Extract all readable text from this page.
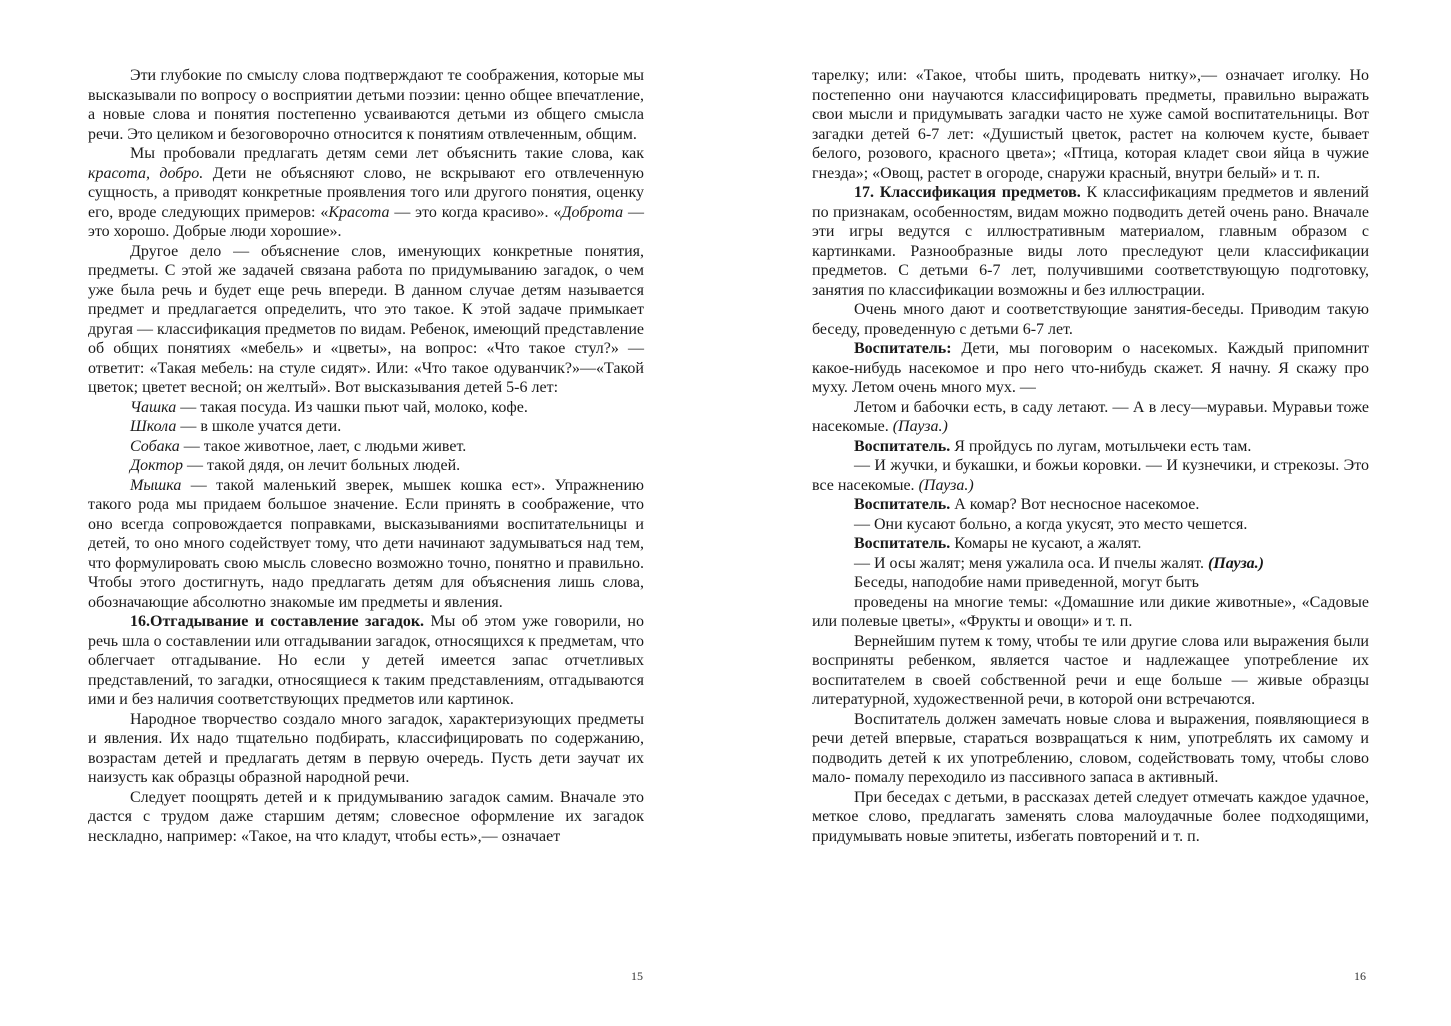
Эти глубокие по смыслу слова подтверждают те соображения, которые мы высказывали по вопросу о восприятии детьми поэзии: ценно общее впечатление, а новые слова и понятия постепенно усваиваются детьми из общего смысла речи. Это целиком и безоговорочно относится к понятиям отвлеченным, общим.

Мы пробовали предлагать детям семи лет объяснить такие слова, как красота, добро. Дети не объясняют слово, не вскрывают его отвлеченную сущность, а приводят конкретные проявления того или другого понятия, оценку его, вроде следующих примеров: «Красота — это когда красиво». «Доброта — это хорошо. Добрые люди хорошие».

Другое дело — объяснение слов, именующих конкретные понятия, предметы. С этой же задачей связана работа по придумыванию загадок, о чем уже была речь и будет еще речь впереди. В данном случае детям называется предмет и предлагается определить, что это такое. К этой задаче примыкает другая — классификация предметов по видам. Ребенок, имеющий представление об общих понятиях «мебель» и «цветы», на вопрос: «Что такое стул?» — ответит: «Такая мебель: на стуле сидят». Или: «Что такое одуванчик?»—«Такой цветок; цветет весной; он желтый». Вот высказывания детей 5-6 лет:

Чашка — такая посуда. Из чашки пьют чай, молоко, кофе.

Школа — в школе учатся дети.

Собака — такое животное, лает, с людьми живет.

Доктор — такой дядя, он лечит больных людей.

Мышка — такой маленький зверек, мышек кошка ест». Упражнению такого рода мы придаем большое значение. Если принять в соображение, что оно всегда сопровождается поправками, высказываниями воспитательницы и детей, то оно много содействует тому, что дети начинают задумываться над тем, что формулировать свою мысль словесно возможно точно, понятно и правильно. Чтобы этого достигнуть, надо предлагать детям для объяснения лишь слова, обозначающие абсолютно знакомые им предметы и явления.

16.Отгадывание и составление загадок. Мы об этом уже говорили, но речь шла о составлении или отгадывании загадок, относящихся к предметам, что облегчает отгадывание. Но если у детей имеется запас отчетливых представлений, то загадки, относящиеся к таким представлениям, отгадываются ими и без наличия соответствующих предметов или картинок.

Народное творчество создало много загадок, характеризующих предметы и явления. Их надо тщательно подбирать, классифицировать по содержанию, возрастам детей и предлагать детям в первую очередь. Пусть дети заучат их наизусть как образцы образной народной речи.

Следует поощрять детей и к придумыванию загадок самим. Вначале это дастся с трудом даже старшим детям; словесное оформление их загадок нескладно, например: «Такое, на что кладут, чтобы есть»,— означает

тарелку; или: «Такое, чтобы шить, продевать нитку»,— означает иголку. Но постепенно они научаются классифицировать предметы, правильно выражать свои мысли и придумывать загадки часто не хуже самой воспитательницы. Вот загадки детей 6-7 лет: «Душистый цветок, растет на колючем кусте, бывает белого, розового, красного цвета»; «Птица, которая кладет свои яйца в чужие гнезда»; «Овощ, растет в огороде, снаружи красный, внутри белый» и т. п.

17. Классификация предметов. К классификациям предметов и явлений по признакам, особенностям, видам можно подводить детей очень рано. Вначале эти игры ведутся с иллюстративным материалом, главным образом с картинками. Разнообразные виды лото преследуют цели классификации предметов. С детьми 6-7 лет, получившими соответствующую подготовку, занятия по классификации возможны и без иллюстрации.

Очень много дают и соответствующие занятия-беседы. Приводим такую беседу, проведенную с детьми 6-7 лет.

Воспитатель: Дети, мы поговорим о насекомых. Каждый припомнит какое-нибудь насекомое и про него что-нибудь скажет. Я начну. Я скажу про муху. Летом очень много мух. —

Летом и бабочки есть, в саду летают. — А в лесу—муравьи. Муравьи тоже насекомые. (Пауза.)

Воспитатель. Я пройдусь по лугам, мотыльчеки есть там.

— И жучки, и букашки, и божьи коровки. — И кузнечики, и стрекозы. Это все насекомые. (Пауза.)

Воспитатель. А комар? Вот несносное насекомое.

— Они кусают больно, а когда укусят, это место чешется.

Воспитатель. Комары не кусают, а жалят.

— И осы жалят; меня ужалила оса. И пчелы жалят. (Пауза.)

Беседы, наподобие нами приведенной, могут быть

проведены на многие темы: «Домашние или дикие животные», «Садовые или полевые цветы», «Фрукты и овощи» и т. п.

Вернейшим путем к тому, чтобы те или другие слова или выражения были восприняты ребенком, является частое и надлежащее употребление их воспитателем в своей собственной речи и еще больше — живые образцы литературной, художественной речи, в которой они встречаются.

Воспитатель должен замечать новые слова и выражения, появляющиеся в речи детей впервые, стараться возвращаться к ним, употреблять их самому и подводить детей к их употреблению, словом, содействовать тому, чтобы слово мало- помалу переходило из пассивного запаса в активный.

При беседах с детьми, в рассказах детей следует отмечать каждое удачное, меткое слово, предлагать заменять слова малоудачные более подходящими, придумывать новые эпитеты, избегать повторений и т. п.

15	16
